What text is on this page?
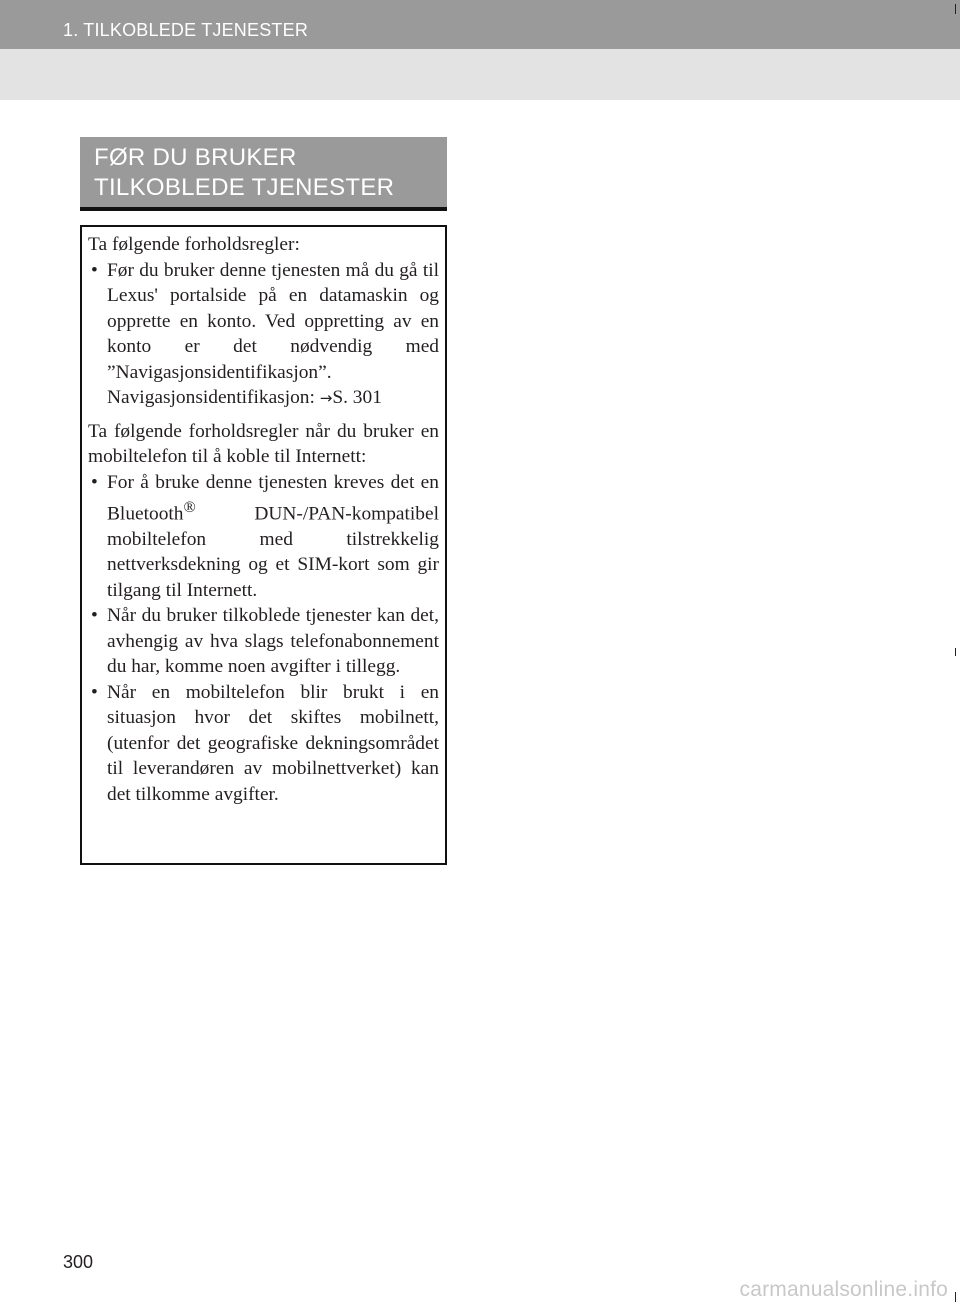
1. TILKOBLEDE TJENESTER
FØR DU BRUKER TILKOBLEDE TJENESTER

Ta følgende forholdsregler:

• Før du bruker denne tjenesten må du gå til Lexus' portalside på en datamaskin og opprette en konto. Ved oppretting av en konto er det nødvendig med ”Navigasjonsidentifikasjon”.
Navigasjonsidentifikasjon: →S. 301

Ta følgende forholdsregler når du bruker en mobiltelefon til å koble til Internett:

• For å bruke denne tjenesten kreves det en Bluetooth® DUN-/PAN-kompatibel mobiltelefon med tilstrekkelig nettverksdekning og et SIM-kort som gir tilgang til Internett.
• Når du bruker tilkoblede tjenester kan det, avhengig av hva slags telefonabonnement du har, komme noen avgifter i tillegg.
• Når en mobiltelefon blir brukt i en situasjon hvor det skiftes mobilnett, (utenfor det geografiske dekningsområdet til leverandøren av mobilnettverket) kan det tilkomme avgifter.
300
carmanualsonline.info
